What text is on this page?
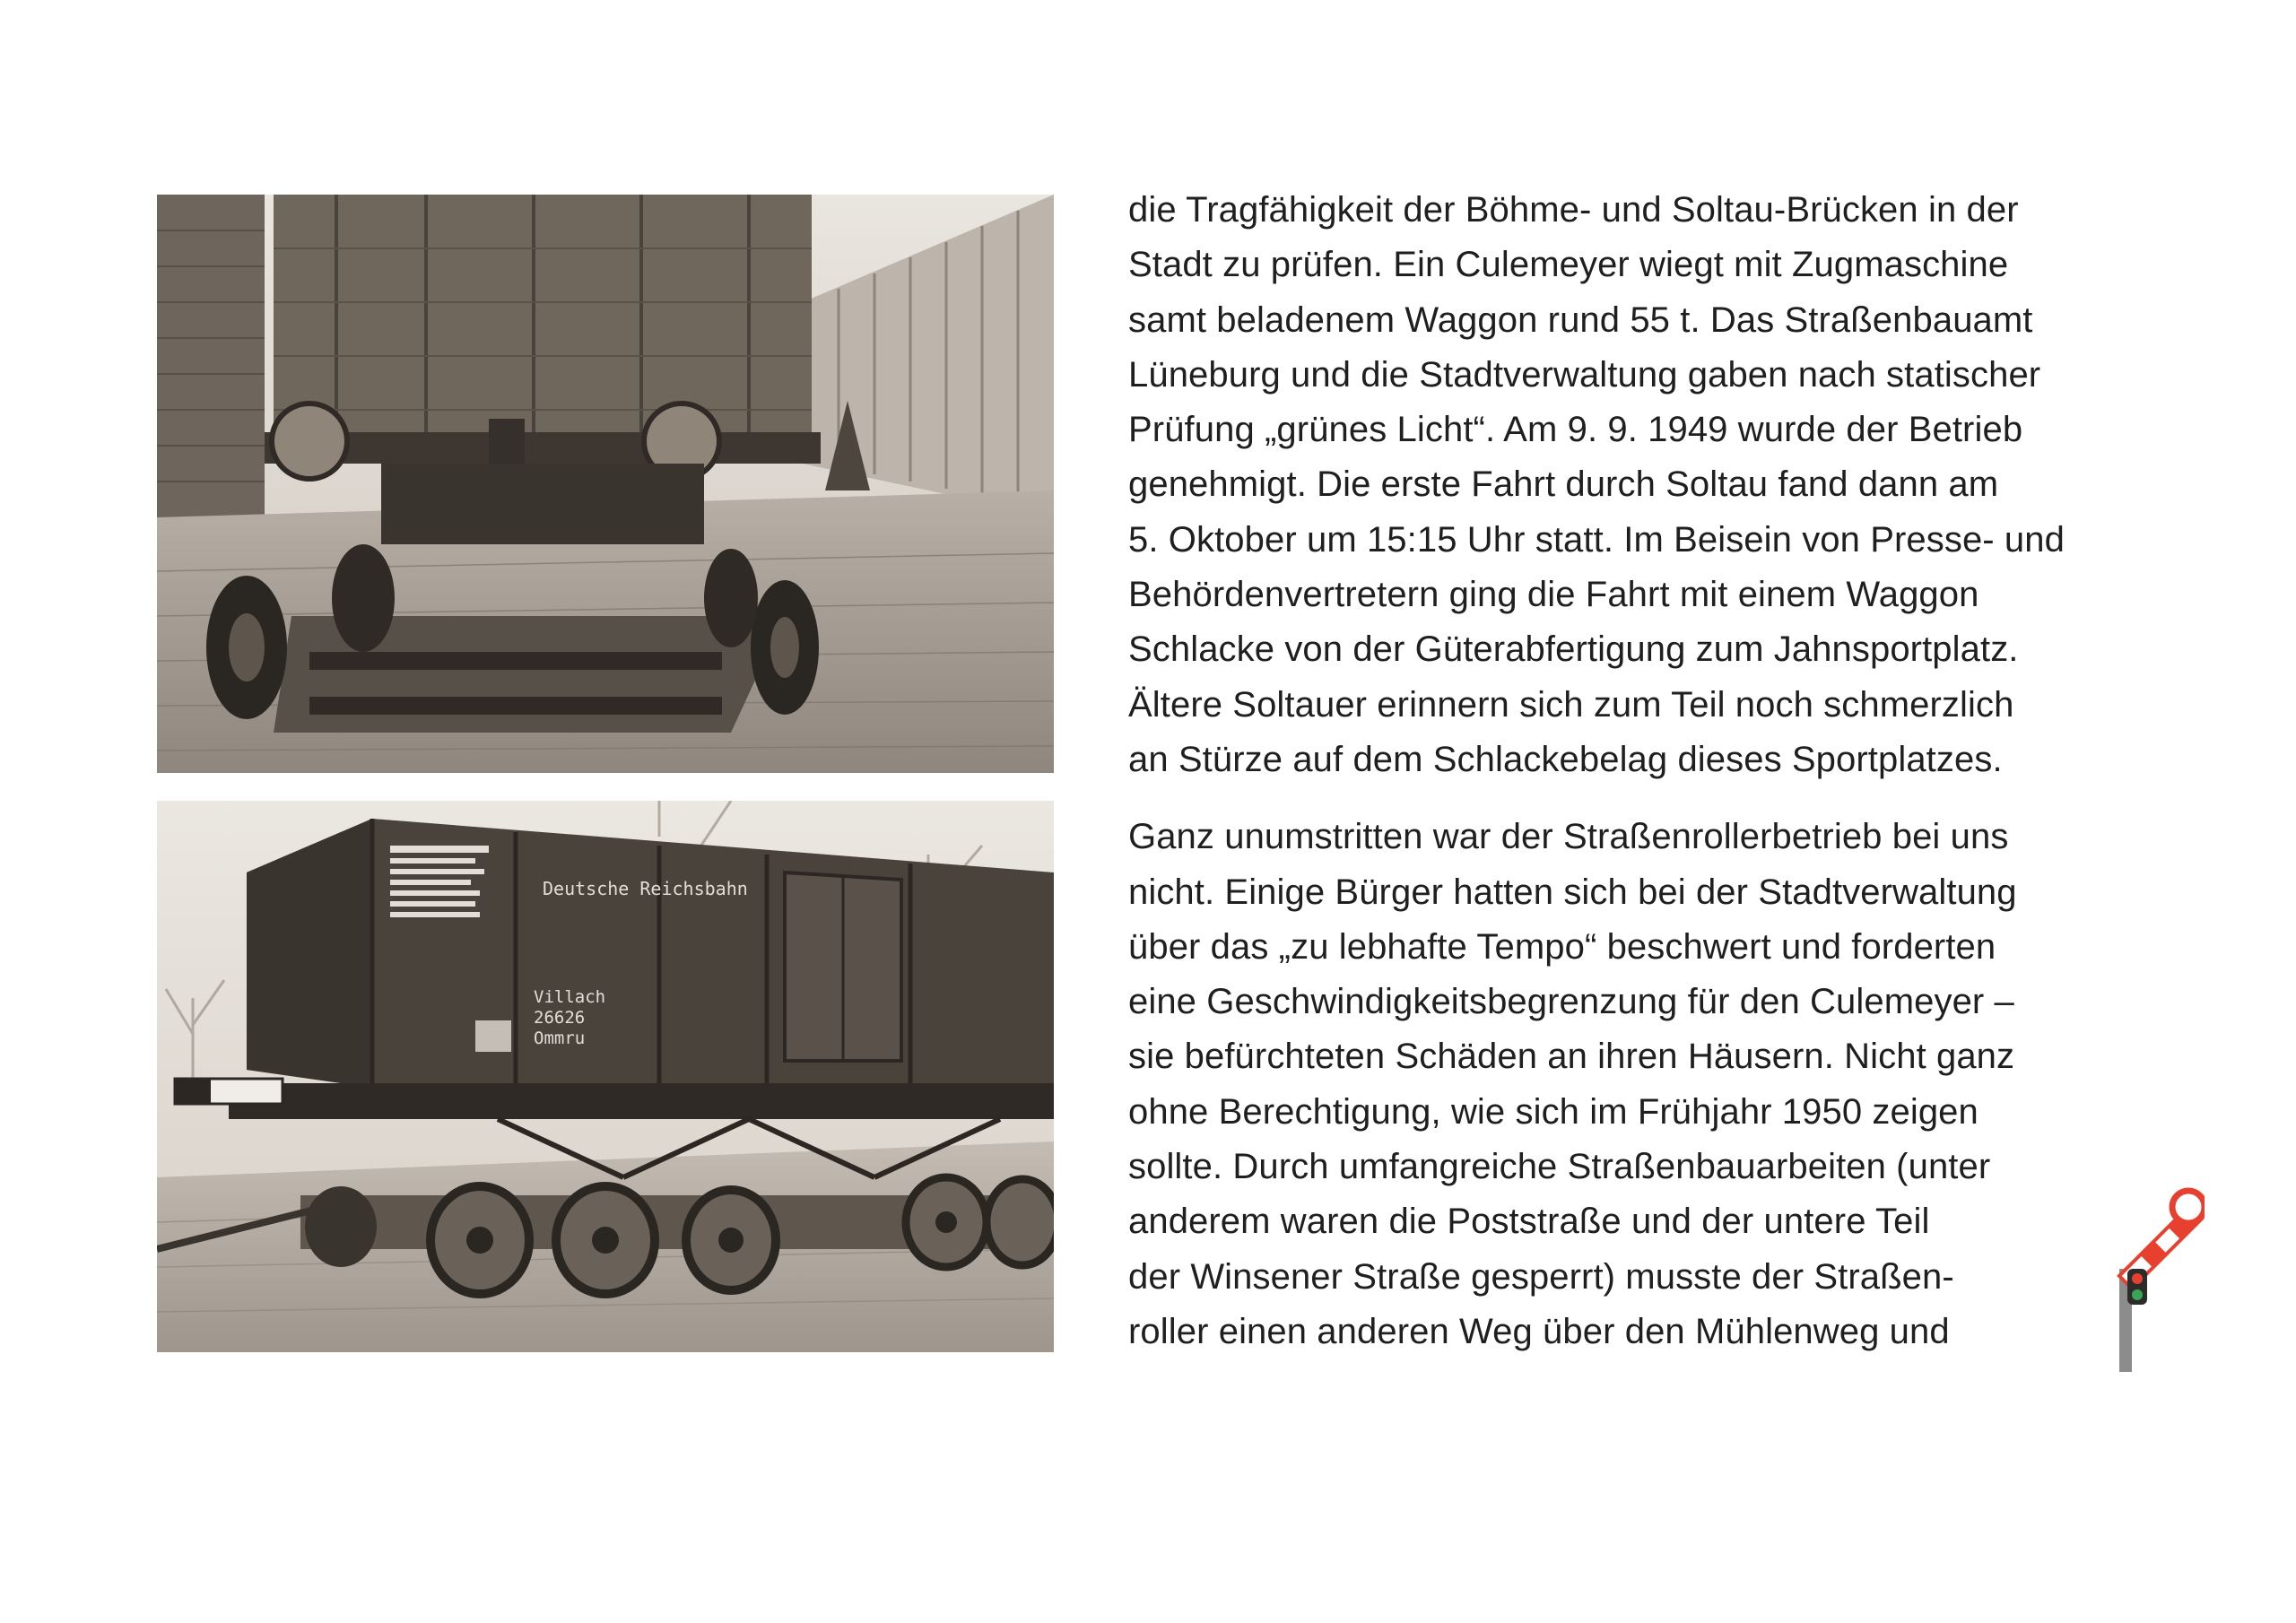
Deutsche Reichsbahn
Villach
26626
Ommru

die Tragfähigkeit der Böhme- und Soltau-Brücken in der
Stadt zu prüfen. Ein Culemeyer wiegt mit Zugmaschine
samt beladenem Waggon rund 55 t. Das Straßenbauamt
Lüneburg und die Stadtverwaltung gaben nach statischer
Prüfung „grünes Licht“. Am 9. 9. 1949 wurde der Betrieb
genehmigt. Die erste Fahrt durch Soltau fand dann am
5. Oktober um 15:15 Uhr statt. Im Beisein von Presse- und
Behördenvertretern ging die Fahrt mit einem Waggon
Schlacke von der Güterabfertigung zum Jahnsportplatz.
Ältere Soltauer erinnern sich zum Teil noch schmerzlich
an Stürze auf dem Schlackebelag dieses Sportplatzes.

Ganz unumstritten war der Straßenrollerbetrieb bei uns
nicht. Einige Bürger hatten sich bei der Stadtverwaltung
über das „zu lebhafte Tempo“ beschwert und forderten
eine Geschwindigkeitsbegrenzung für den Culemeyer –
sie befürchteten Schäden an ihren Häusern. Nicht ganz
ohne Berechtigung, wie sich im Frühjahr 1950 zeigen
sollte. Durch umfangreiche Straßenbauarbeiten (unter
anderem waren die Poststraße und der untere Teil
der Winsener Straße gesperrt) musste der Straßen-
roller einen anderen Weg über den Mühlenweg und
